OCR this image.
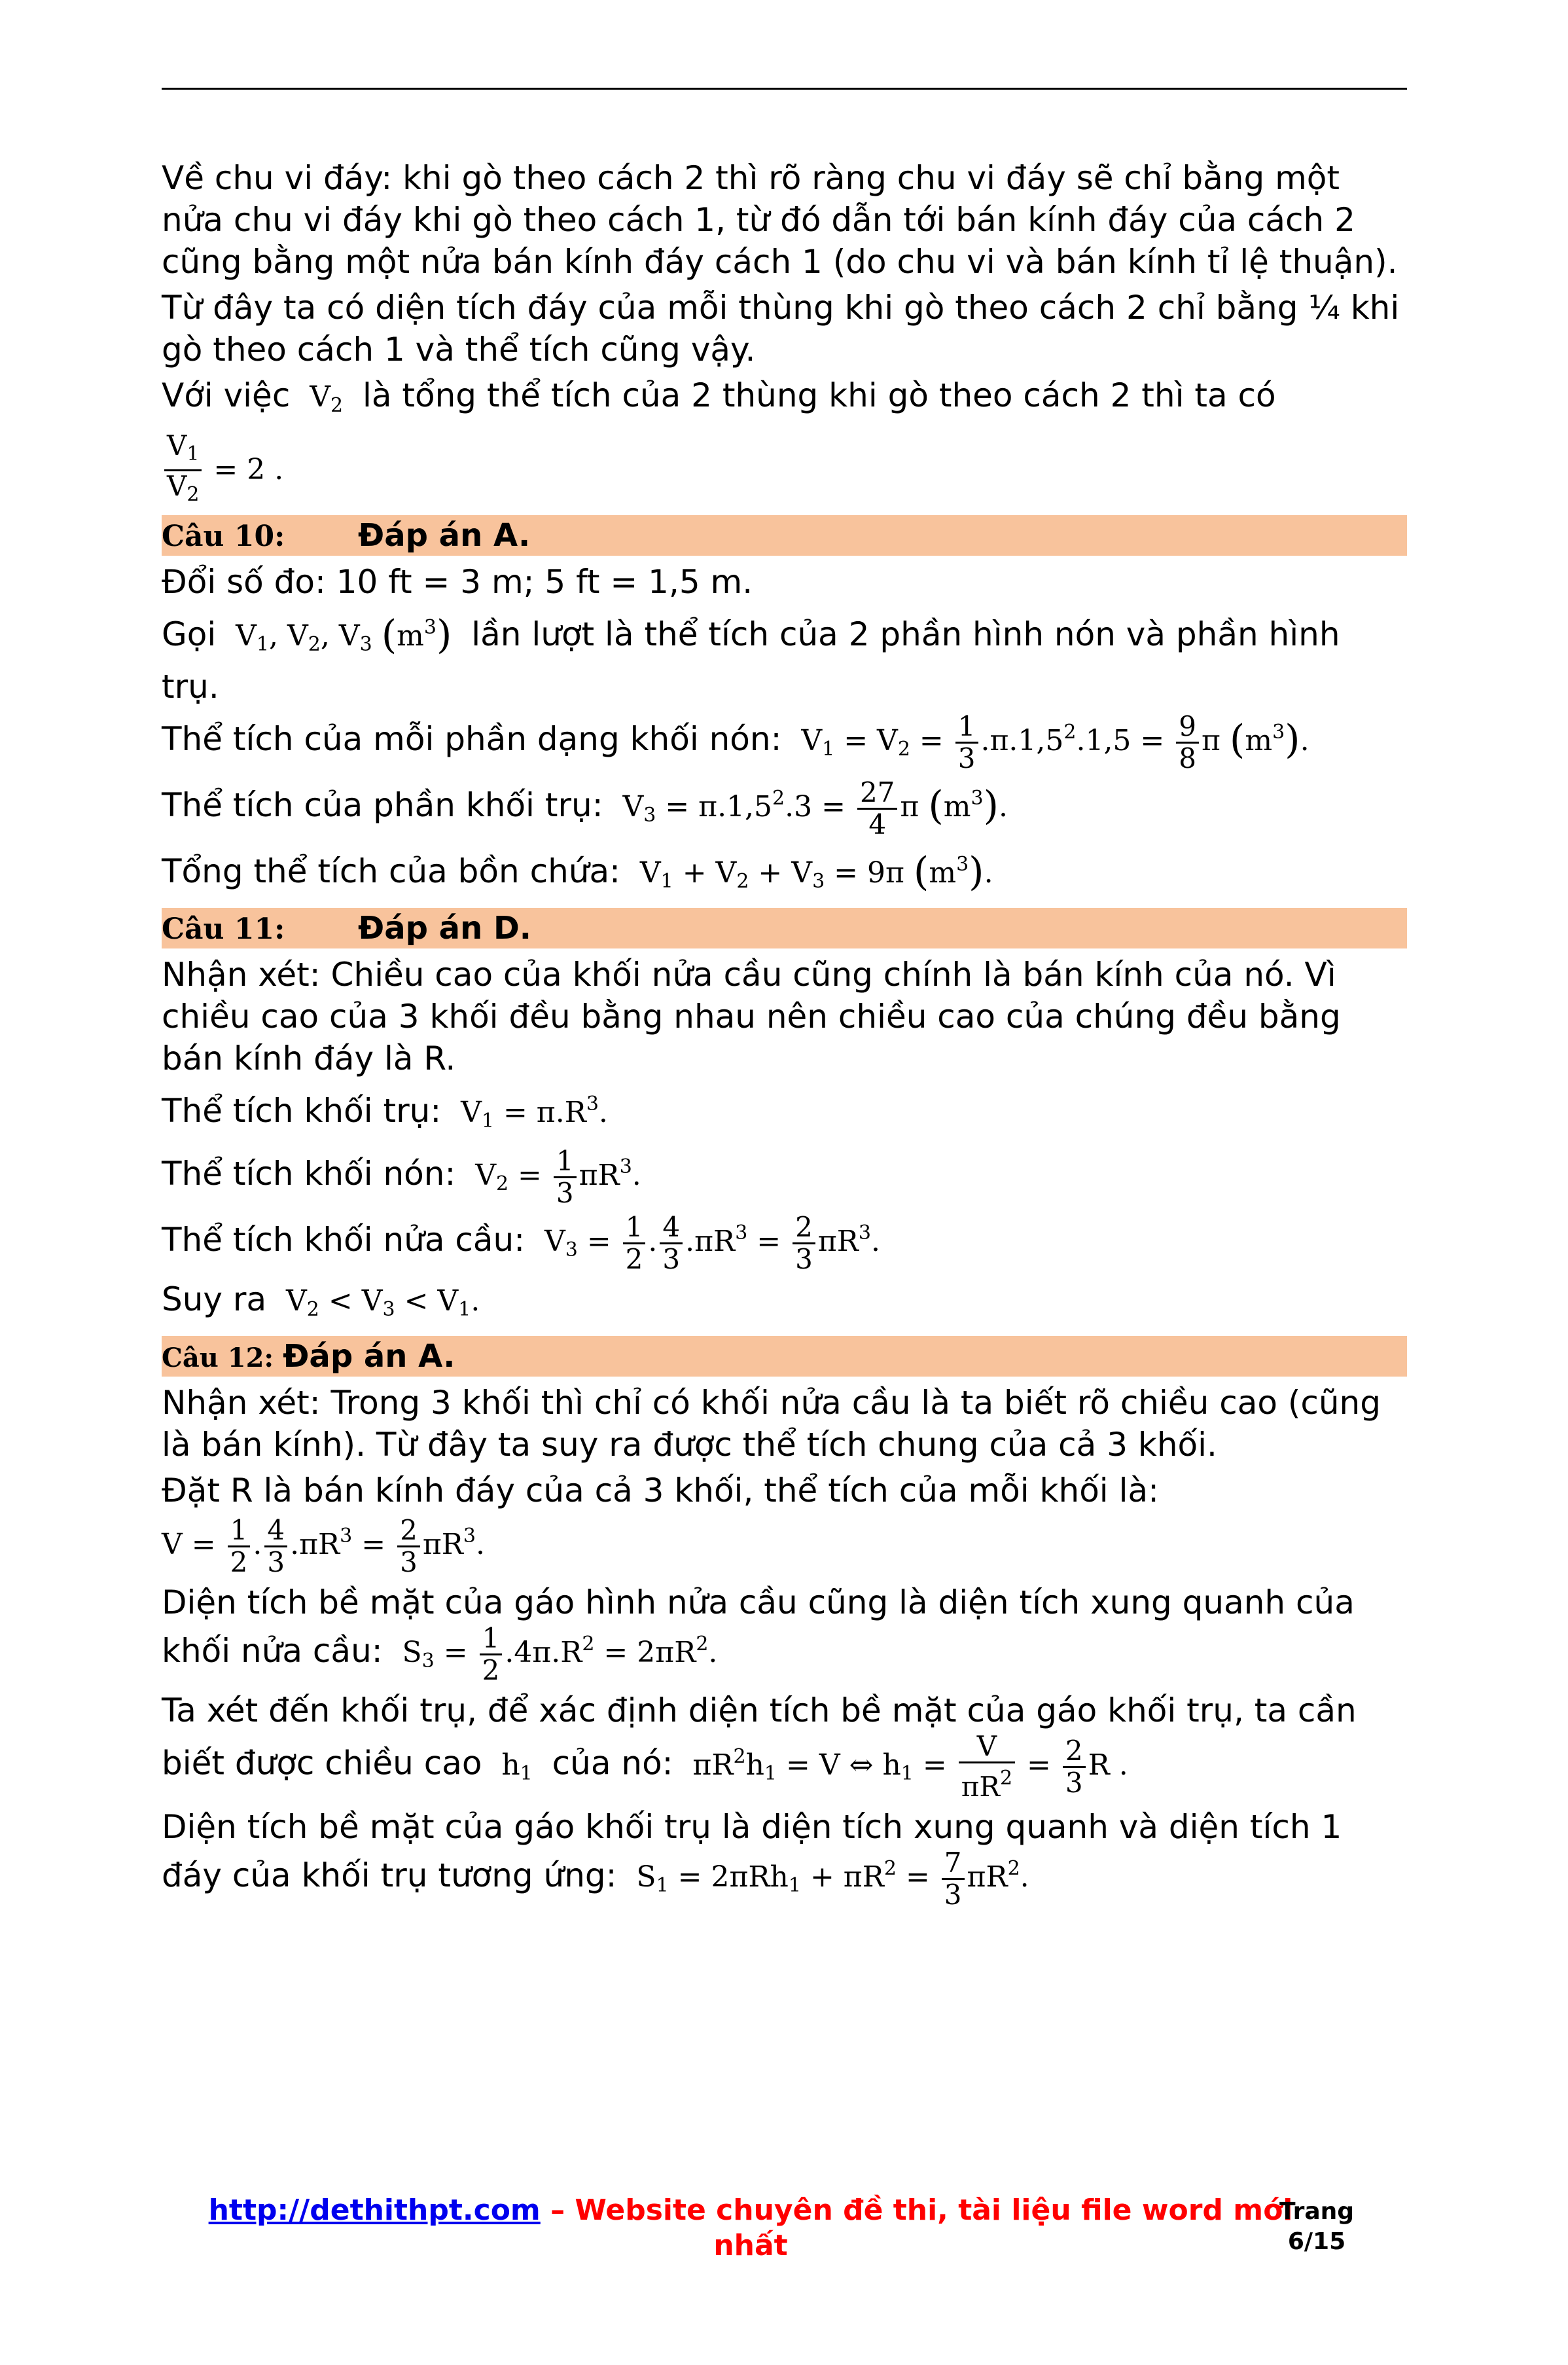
Về chu vi đáy: khi gò theo cách 2 thì rõ ràng chu vi đáy sẽ chỉ bằng một nửa chu vi đáy khi gò theo cách 1, từ đó dẫn tới bán kính đáy của cách 2 cũng bằng một nửa bán kính đáy cách 1 (do chu vi và bán kính tỉ lệ thuận).

Từ đây ta có diện tích đáy của mỗi thùng khi gò theo cách 2 chỉ bằng ¼ khi gò theo cách 1 và thể tích cũng vậy.

Với việc  $V_2$ là tổng thể tích của 2 thùng khi gò theo cách 2 thì ta có

$\frac{V_1}{V_2} = 2$ .

Câu 10: Đáp án A.

Đổi số đo: 10 ft = 3 m; 5 ft = 1,5 m.

Gọi  $V_1$, $V_2$, $V_3$ $(m^3)$ lần lượt là thể tích của 2 phần hình nón và phần hình trụ.

Thể tích của mỗi phần dạng khối nón:  $V_1 = V_2 = \frac{1}{3} .\pi.1,5^2.1,5 = \frac{9}{8}$ π $(m^3)$.

Thể tích của phần khối trụ:  $V_3 = \pi.1,5^2.3 = \frac{27}{4}$ π $(m^3)$.

Tổng thể tích của bồn chứa:  $V_1 + V_2 + V_3 = 9\pi$ $(m^3)$.

Câu 11: Đáp án D.

Nhận xét: Chiều cao của khối nửa cầu cũng chính là bán kính của nó. Vì chiều cao của 3 khối đều bằng nhau nên chiều cao của chúng đều bằng bán kính đáy là R.

Thể tích khối trụ:  $V_1 = \pi.R^3$.

Thể tích khối nón:  $V_2 = \frac{1}{3} \pi R^3$.

Thể tích khối nửa cầu:  $V_3 = \frac{1}{2}$ . $\frac{4}{3} .\pi R^3 = \frac{2}{3} \pi R^3$.

Suy ra  $V_2 < V_3 < V_1$.

Câu 12: Đáp án A.

Nhận xét: Trong 3 khối thì chỉ có khối nửa cầu là ta biết rõ chiều cao (cũng là bán kính). Từ đây ta suy ra được thể tích chung của cả 3 khối.

Đặt R là bán kính đáy của cả 3 khối, thể tích của mỗi khối là:

$V = \frac{1}{2}$ . $\frac{4}{3} .\pi R^3 = \frac{2}{3} \pi R^3$.

Diện tích bề mặt của gáo hình nửa cầu cũng là diện tích xung quanh của khối nửa cầu:  $S_3 = \frac{1}{2} .4\pi.R^2 = 2\pi R^2$.

Ta xét đến khối trụ, để xác định diện tích bề mặt của gáo khối trụ, ta cần biết được chiều cao  $h_1$ của nó:  $\pi R^2h_1 = V$ ⇔ $h_1 = \frac{V}{\pi R^2} = \frac{2}{3}$ R .

Diện tích bề mặt của gáo khối trụ là diện tích xung quanh và diện tích 1 đáy của khối trụ tương ứng:  $S_1 = 2\pi Rh_1 + \pi R^2 = \frac{7}{3} \pi R^2$.

http://dethithpt.com – Website chuyên đề thi, tài liệu file word mới nhất
Trang 6/15
